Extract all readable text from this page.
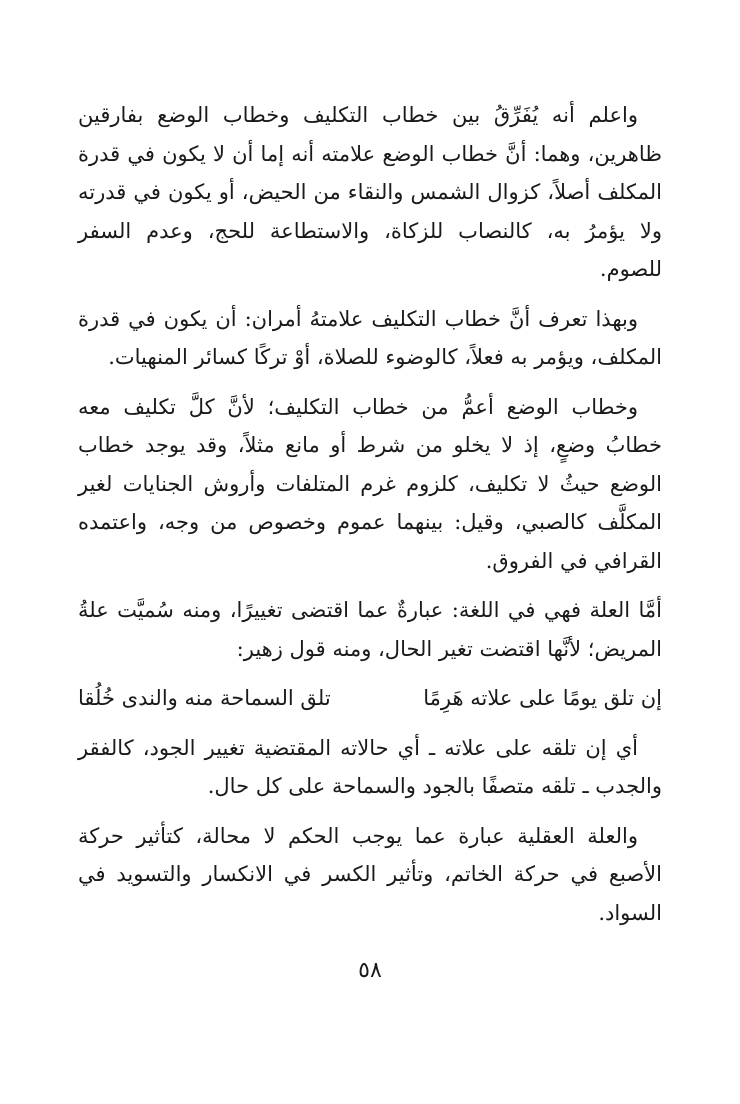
واعلم أنه يُفَرِّقُ بين خطاب التكليف وخطاب الوضع بفارقين ظاهرين، وهما: أنَّ خطاب الوضع علامته أنه إما أن لا يكون في قدرة المكلف أصلاً، كزوال الشمس والنقاء من الحيض، أو يكون في قدرته ولا يؤمرُ به، كالنصاب للزكاة، والاستطاعة للحج، وعدم السفر للصوم.

وبهذا تعرف أنَّ خطاب التكليف علامتهُ أمران: أن يكون في قدرة المكلف، ويؤمر به فعلاً، كالوضوء للصلاة، أوْ تركًا كسائر المنهيات.

وخطاب الوضع أعمُّ من خطاب التكليف؛ لأنَّ كلَّ تكليف معه خطابُ وضعٍ، إذ لا يخلو من شرط أو مانع مثلاً، وقد يوجد خطاب الوضع حيثُ لا تكليف، كلزوم غرم المتلفات وأروش الجنايات لغير المكلَّف كالصبي، وقيل: بينهما عموم وخصوص من وجه، واعتمده القرافي في الفروق.

أمَّا العلة فهي في اللغة: عبارةٌ عما اقتضى تغييرًا، ومنه سُميَّت علةُ المريض؛ لأنَّها اقتضت تغير الحال، ومنه قول زهير:

إن تلق يومًا على علاته هَرِمًا
تلق السماحة منه والندى خُلُقا

أي إن تلقه على علاته ـ أي حالاته المقتضية تغيير الجود، كالفقر والجدب ـ تلقه متصفًا بالجود والسماحة على كل حال.

والعلة العقلية عبارة عما يوجب الحكم لا محالة، كتأثير حركة الأصبع في حركة الخاتم، وتأثير الكسر في الانكسار والتسويد في السواد.

٥٨
